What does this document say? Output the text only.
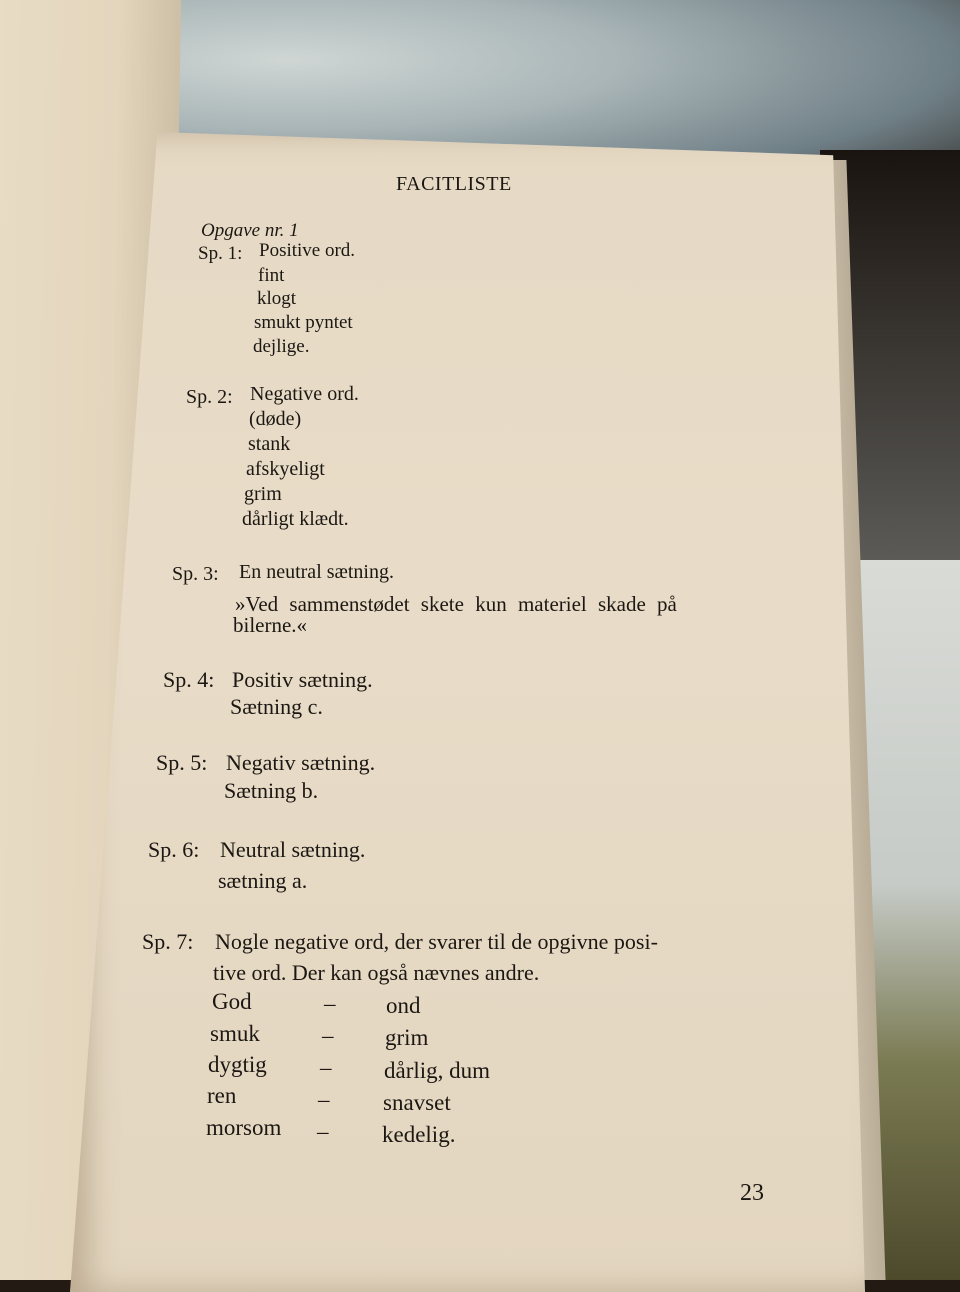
FACITLISTE
Opgave nr. 1
Sp. 1: Positive ord.
fint
klogt
smukt pyntet
dejlige.
Sp. 2: Negative ord.
(døde)
stank
afskyeligt
grim
dårligt klædt.
Sp. 3: En neutral sætning.
»Ved sammenstødet skete kun materiel skade på
bilerne.«
Sp. 4: Positiv sætning.
Sætning c.
Sp. 5: Negativ sætning.
Sætning b.
Sp. 6: Neutral sætning.
sætning a.
Sp. 7: Nogle negative ord, der svarer til de opgivne posi-
tive ord. Der kan også nævnes andre.
God	– ond
smuk	– grim
dygtig – dårlig, dum
ren	– snavset
morsom – kedelig.
23
